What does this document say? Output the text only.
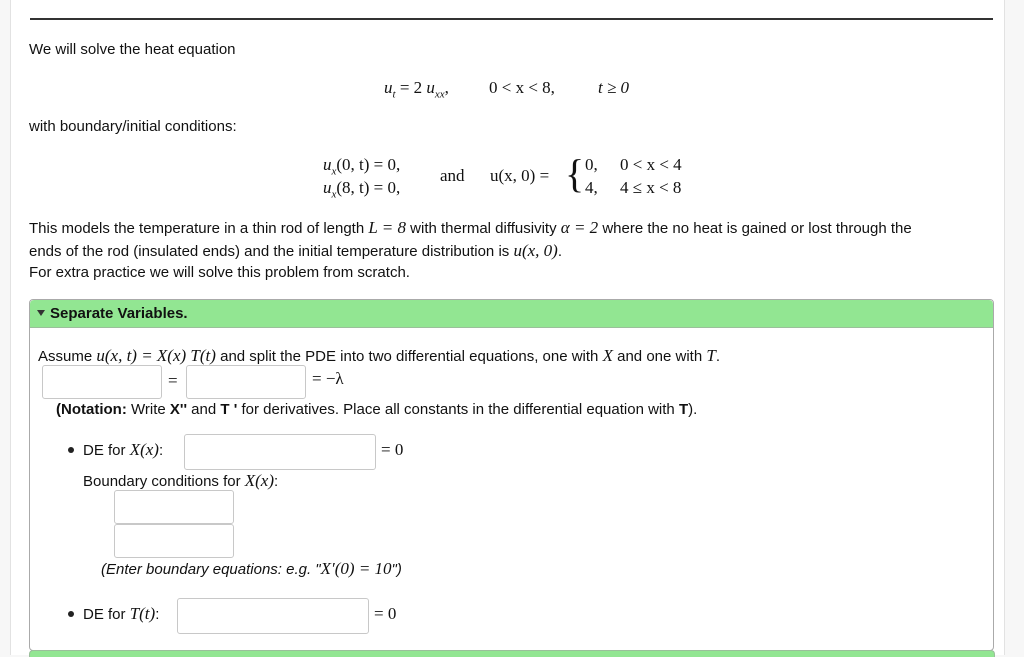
We will solve the heat equation
$u_t = 2$ $u_{xx}$, 0 < x < 8,	t ≥ 0
with boundary/initial conditions:
$u_x(0$, t) = 0,
$u_x(8$, t) = 0,
and u(x, 0) = { 0, 0 < x < 4
4, 4 ≤ x < 8
This models the temperature in a thin rod of length L = 8 with thermal diffusivity α = 2 where the no heat is gained or lost through the
ends of the rod (insulated ends) and the initial temperature distribution is u(x, 0).
For extra practice we will solve this problem from scratch.
Separate Variables.
Assume u(x, t) = X(x) T(t) and split the PDE into two differential equations, one with X and one with T.
=	= −λ
(Notation: Write X'' and T ' for derivatives. Place all constants in the differential equation with T).
DE for X(x):	= 0
Boundary conditions for X(x):
(Enter boundary equations: e.g. "X′(0) = 10")
DE for T(t):	= 0
